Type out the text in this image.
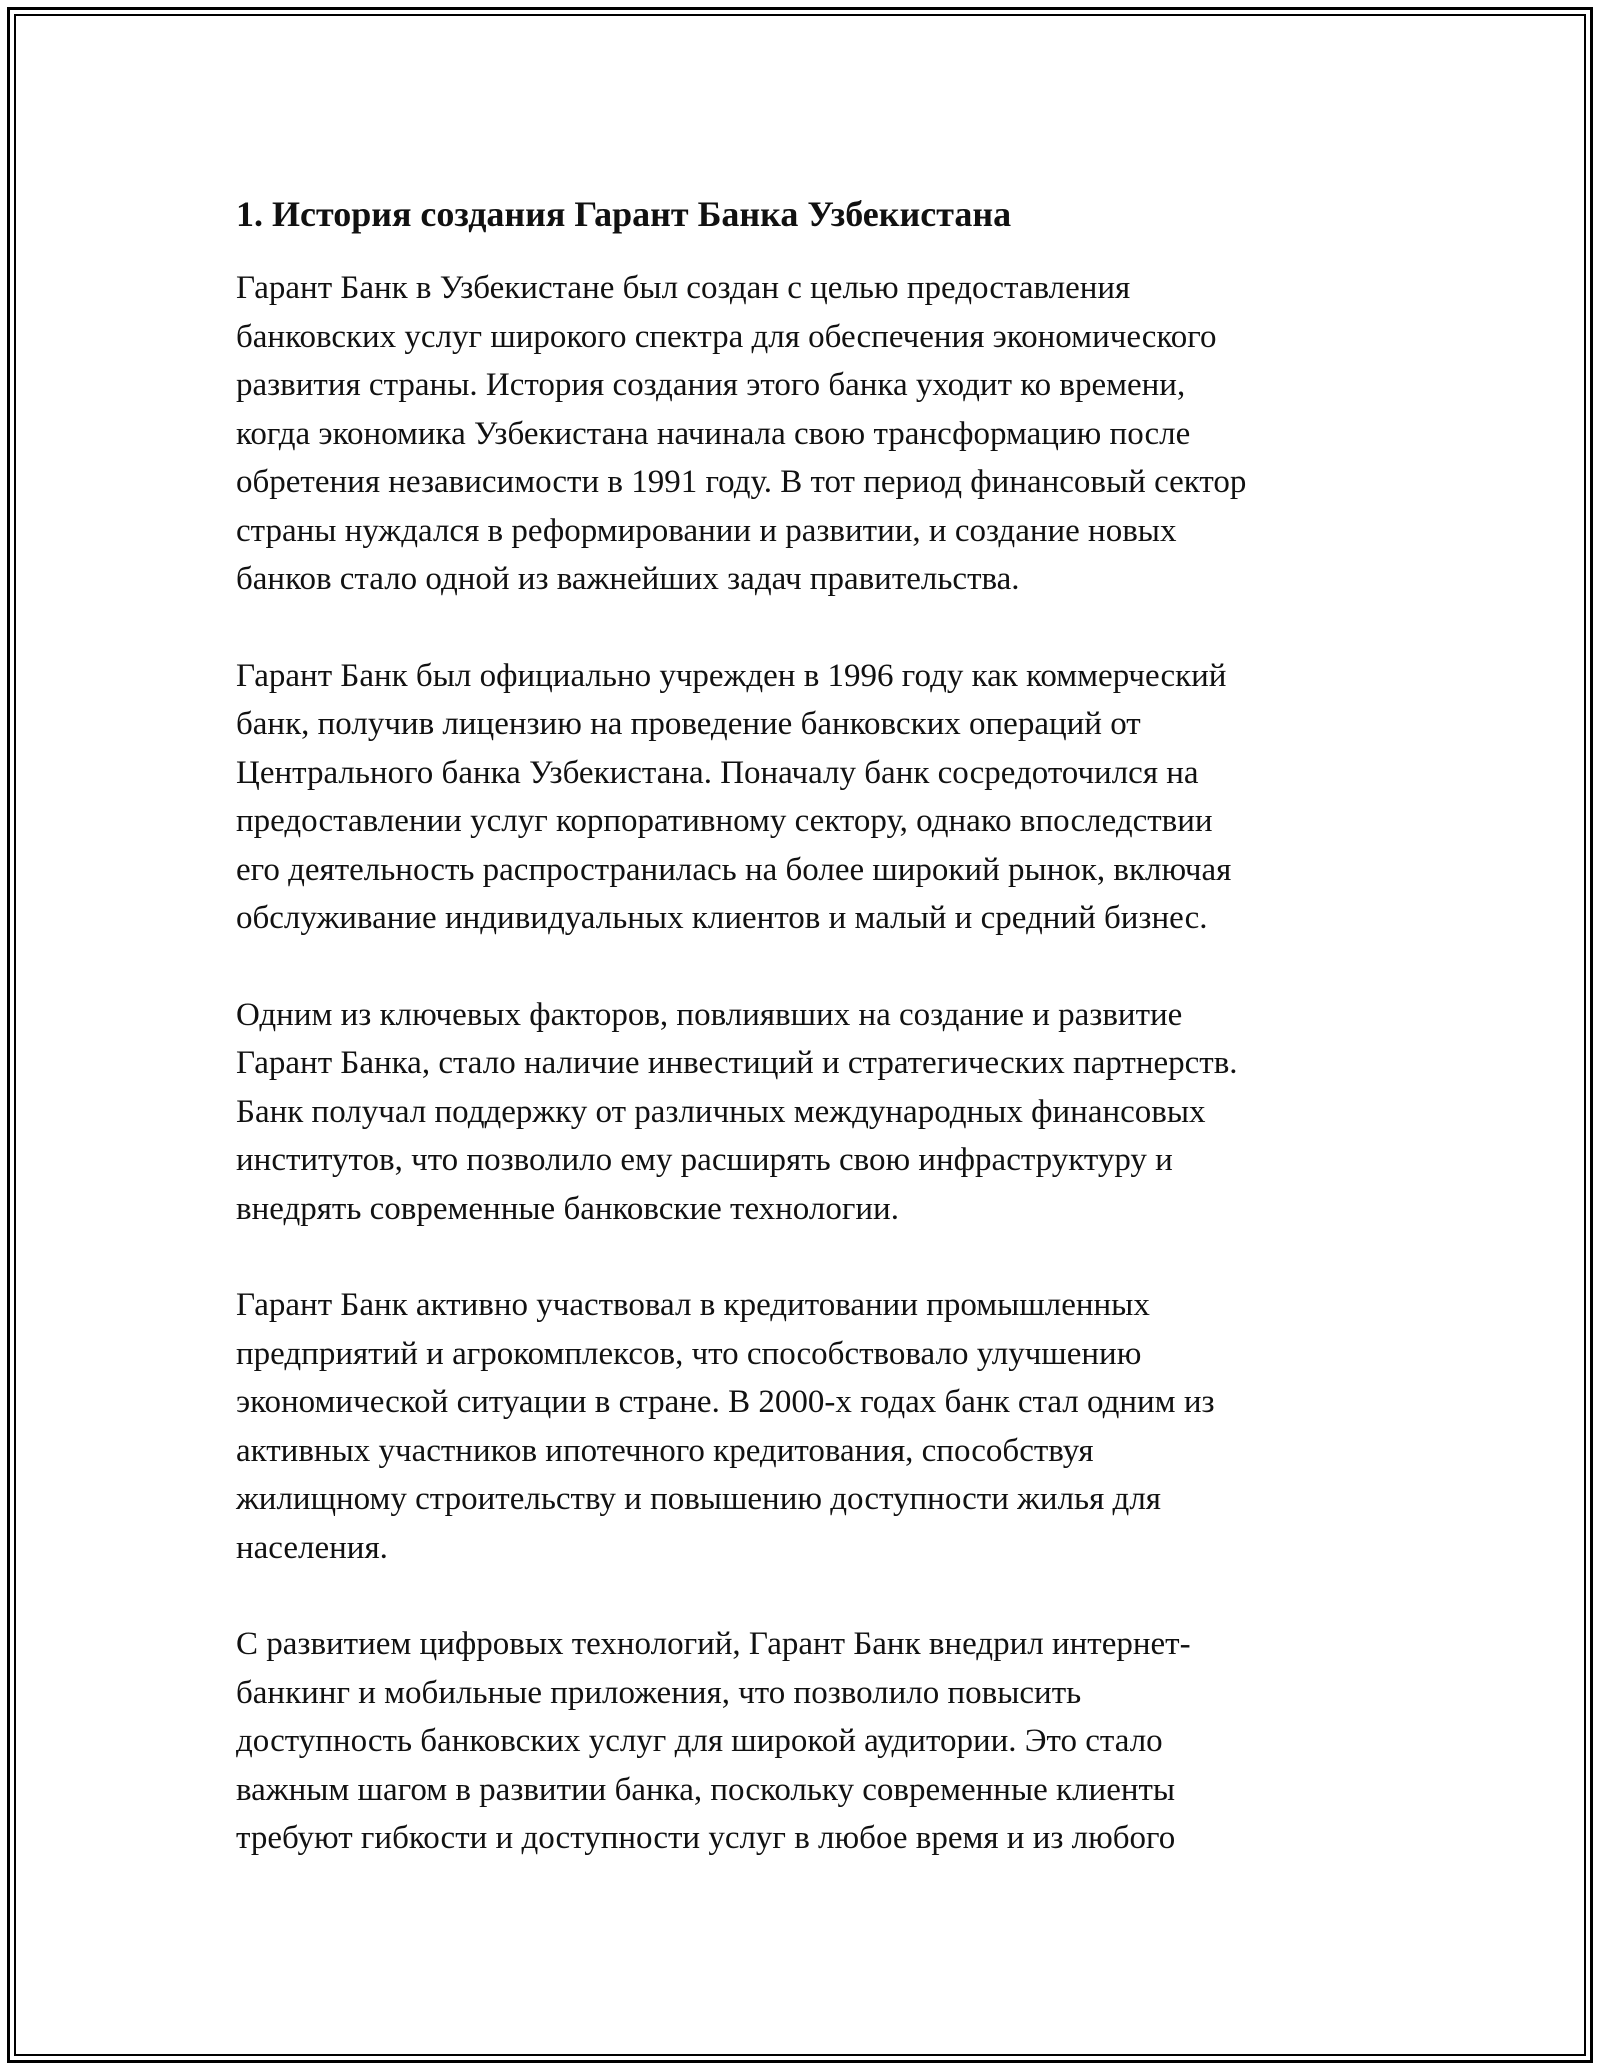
1. История создания Гарант Банка Узбекистана

Гарант Банк в Узбекистане был создан с целью предоставления
банковских услуг широкого спектра для обеспечения экономического
развития страны. История создания этого банка уходит ко времени,
когда экономика Узбекистана начинала свою трансформацию после
обретения независимости в 1991 году. В тот период финансовый сектор
страны нуждался в реформировании и развитии, и создание новых
банков стало одной из важнейших задач правительства.

Гарант Банк был официально учрежден в 1996 году как коммерческий
банк, получив лицензию на проведение банковских операций от
Центрального банка Узбекистана. Поначалу банк сосредоточился на
предоставлении услуг корпоративному сектору, однако впоследствии
его деятельность распространилась на более широкий рынок, включая
обслуживание индивидуальных клиентов и малый и средний бизнес.

Одним из ключевых факторов, повлиявших на создание и развитие
Гарант Банка, стало наличие инвестиций и стратегических партнерств.
Банк получал поддержку от различных международных финансовых
институтов, что позволило ему расширять свою инфраструктуру и
внедрять современные банковские технологии.

Гарант Банк активно участвовал в кредитовании промышленных
предприятий и агрокомплексов, что способствовало улучшению
экономической ситуации в стране. В 2000-х годах банк стал одним из
активных участников ипотечного кредитования, способствуя
жилищному строительству и повышению доступности жилья для
населения.

С развитием цифровых технологий, Гарант Банк внедрил интернет-
банкинг и мобильные приложения, что позволило повысить
доступность банковских услуг для широкой аудитории. Это стало
важным шагом в развитии банка, поскольку современные клиенты
требуют гибкости и доступности услуг в любое время и из любого
